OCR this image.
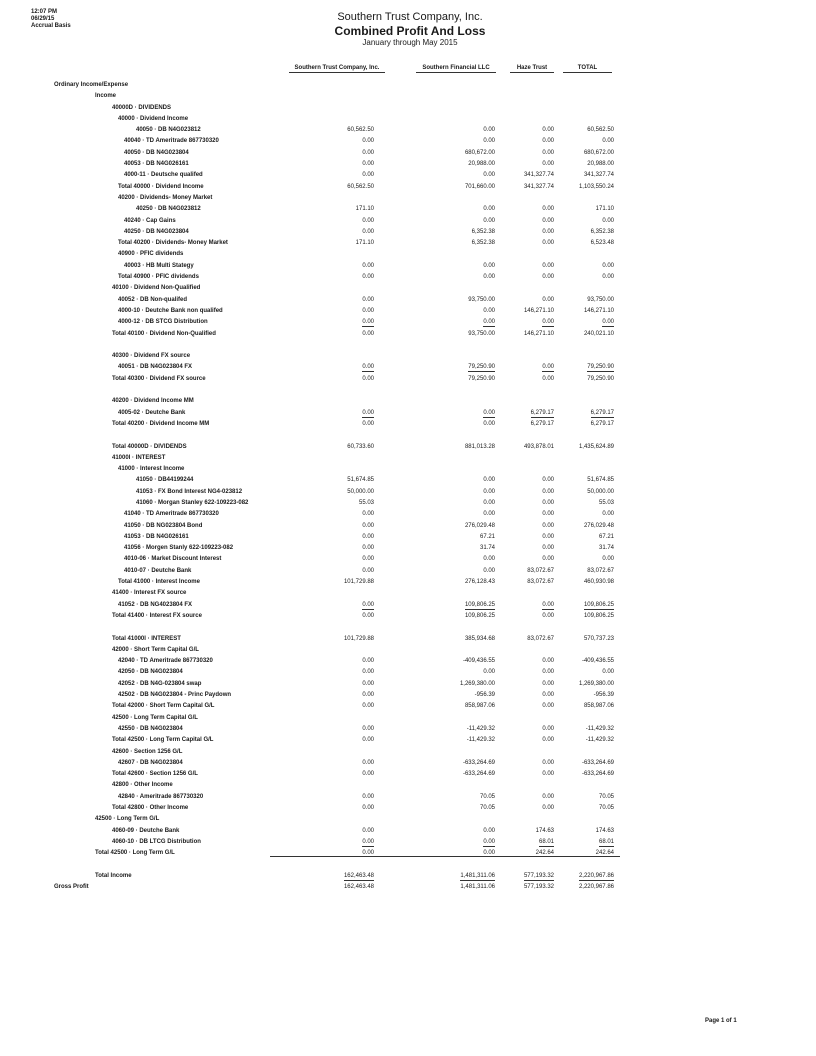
12:07 PM
06/29/15
Accrual Basis
Southern Trust Company, Inc.
Combined Profit And Loss
January through May 2015
Southern Trust Company, Inc.	Southern Financial LLC	Haze Trust	TOTAL
Ordinary Income/Expense
Income
40000D · DIVIDENDS
40000 · Dividend Income
40050 · DB N4G023812	60,562.50	0.00	0.00	60,562.50
40040 · TD Ameritrade 867730320	0.00	0.00	0.00	0.00
40050 · DB N4G023804	0.00	680,672.00	0.00	680,672.00
40053 · DB N4G026161	0.00	20,988.00	0.00	20,988.00
4000-11 · Deutsche qualifed	0.00	0.00	341,327.74	341,327.74
Total 40000 · Dividend Income	60,562.50	701,660.00	341,327.74	1,103,550.24
40200 · Dividends- Money Market
40250 · DB N4G023812	171.10	0.00	0.00	171.10
40240 · Cap Gains	0.00	0.00	0.00	0.00
40250 · DB N4G023804	0.00	6,352.38	0.00	6,352.38
Total 40200 · Dividends- Money Market	171.10	6,352.38	0.00	6,523.48
40900 · PFIC dividends
40003 · HB Multi Stategy	0.00	0.00	0.00	0.00
Total 40900 · PFIC dividends	0.00	0.00	0.00	0.00
40100 · Dividend Non-Qualified
40052 · DB Non-qualifed	0.00	93,750.00	0.00	93,750.00
4000-10 · Deutche Bank non qualifed	0.00	0.00	146,271.10	146,271.10
4000-12 · DB STCG Distribution	0.00	0.00	0.00	0.00
Total 40100 · Dividend Non-Qualified	0.00	93,750.00	146,271.10	240,021.10
40300 · Dividend FX source
40051 · DB N4G023804 FX	0.00	79,250.90	0.00	79,250.90
Total 40300 · Dividend FX source	0.00	79,250.90	0.00	79,250.90
40200 · Dividend Income MM
4005-02 · Deutche Bank	0.00	0.00	6,279.17	6,279.17
Total 40200 · Dividend Income MM	0.00	0.00	6,279.17	6,279.17
Total 40000D · DIVIDENDS	60,733.60	881,013.28	493,878.01	1,435,624.89
41000I · INTEREST
41000 · Interest Income
41050 · DB44199244	51,674.85	0.00	0.00	51,674.85
41053 · FX Bond Interest NG4-023812	50,000.00	0.00	0.00	50,000.00
41060 · Morgan Stanley 622-109223-082	55.03	0.00	0.00	55.03
41040 · TD Ameritrade 867730320	0.00	0.00	0.00	0.00
41050 · DB NG023804 Bond	0.00	276,029.48	0.00	276,029.48
41053 · DB N4G026161	0.00	67.21	0.00	67.21
41056 · Morgen Stanly 622-109223-082	0.00	31.74	0.00	31.74
4010-06 · Market Discount Interest	0.00	0.00	0.00	0.00
4010-07 · Deutche Bank	0.00	0.00	83,072.67	83,072.67
Total 41000 · Interest Income	101,729.88	276,128.43	83,072.67	460,930.98
41400 · Interest FX source
41052 · DB NG4023804 FX	0.00	109,806.25	0.00	109,806.25
Total 41400 · Interest FX source	0.00	109,806.25	0.00	109,806.25
Total 41000I · INTEREST	101,729.88	385,934.68	83,072.67	570,737.23
42000 · Short Term Capital G/L
42040 · TD Ameritrade 867730320	0.00	-409,436.55	0.00	-409,436.55
42050 · DB N4G023804	0.00	0.00	0.00	0.00
42052 · DB N4G-023804 swap	0.00	1,269,380.00	0.00	1,269,380.00
42502 · DB N4G023804 - Princ Paydown	0.00	-956.39	0.00	-956.39
Total 42000 · Short Term Capital G/L	0.00	858,987.06	0.00	858,987.06
42500 · Long Term Capital G/L
42550 · DB N4G023804	0.00	-11,429.32	0.00	-11,429.32
Total 42500 · Long Term Capital G/L	0.00	-11,429.32	0.00	-11,429.32
42600 · Section 1256 G/L
42607 · DB N4G023804	0.00	-633,264.69	0.00	-633,264.69
Total 42600 · Section 1256 G/L	0.00	-633,264.69	0.00	-633,264.69
42800 · Other Income
42840 · Ameritrade 867730320	0.00	70.05	0.00	70.05
Total 42800 · Other Income	0.00	70.05	0.00	70.05
42500 · Long Term G/L
4060-09 · Deutche Bank	0.00	0.00	174.63	174.63
4060-10 · DB LTCG Distribution	0.00	0.00	68.01	68.01
Total 42500 · Long Term G/L	0.00	0.00	242.64	242.64
Total Income	162,463.48	1,481,311.06	577,193.32	2,220,967.86
Gross Profit	162,463.48	1,481,311.06	577,193.32	2,220,967.86
Page 1 of 1
